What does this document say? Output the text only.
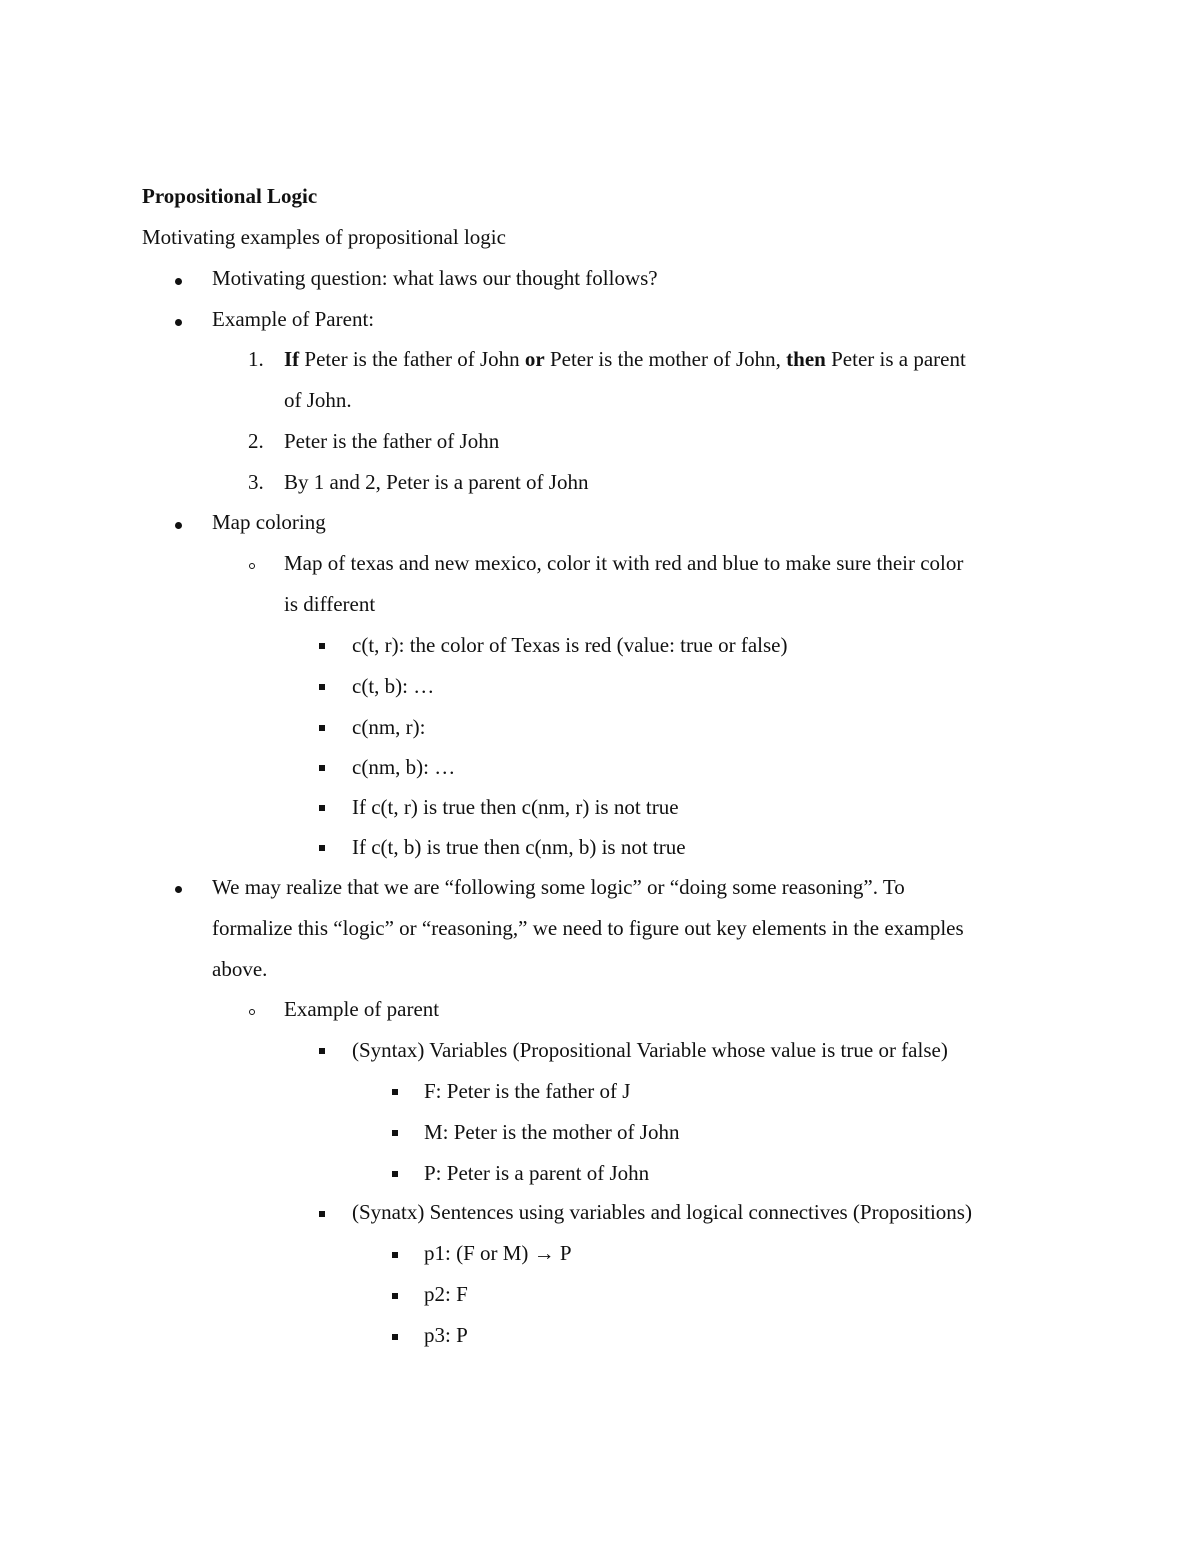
Propositional Logic
Motivating examples of propositional logic
Motivating question: what laws our thought follows?
Example of Parent:
1. If Peter is the father of John or Peter is the mother of John, then Peter is a parent
of John.
2. Peter is the father of John
3. By 1 and 2, Peter is a parent of John
Map coloring
Map of texas and new mexico, color it with red and blue to make sure their color
is different
c(t, r): the color of Texas is red (value: true or false)
c(t, b): …
c(nm, r):
c(nm, b): …
If c(t, r) is true then c(nm, r) is not true
If c(t, b) is true then c(nm, b) is not true
We may realize that we are “following some logic” or “doing some reasoning”. To
formalize this “logic” or “reasoning,” we need to figure out key elements in the examples
above.
Example of parent
(Syntax) Variables (Propositional Variable whose value is true or false)
F: Peter is the father of J
M: Peter is the mother of John
P: Peter is a parent of John
(Synatx) Sentences using variables and logical connectives (Propositions)
p1: (F or M) → P
p2: F
p3: P
